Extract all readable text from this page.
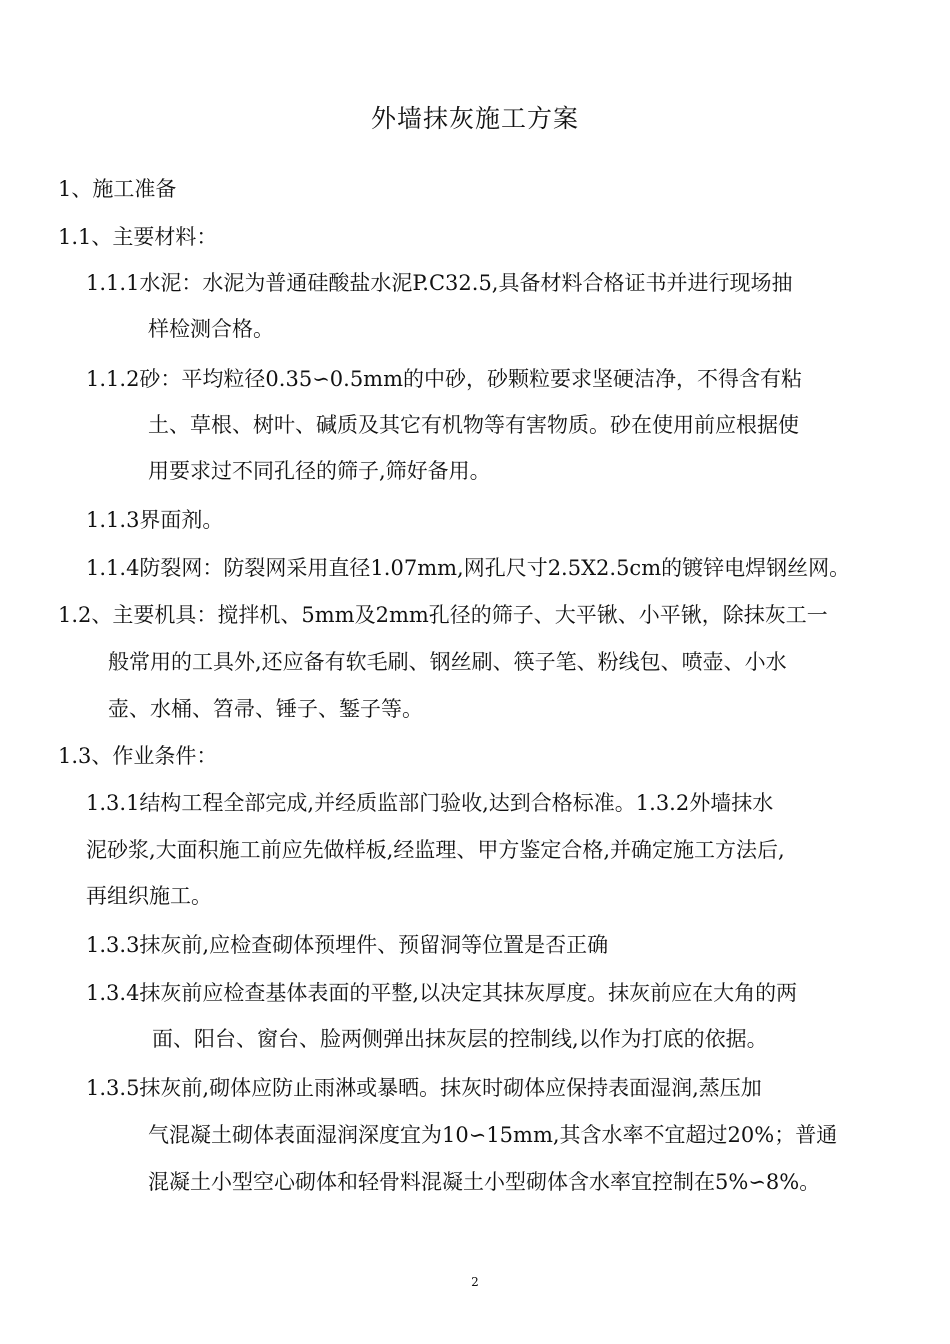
外墙抹灰施工方案
1、施工准备
1.1、主要材料：
1.1.1水泥：水泥为普通硅酸盐水泥P.C32.5,具备材料合格证书并进行现场抽
样检测合格。
1.1.2砂：平均粒径0.35∽0.5mm的中砂，砂颗粒要求坚硬洁净，不得含有粘
土、草根、树叶、碱质及其它有机物等有害物质。砂在使用前应根据使
用要求过不同孔径的筛子,筛好备用。
1.1.3界面剂。
1.1.4防裂网：防裂网采用直径1.07mm,网孔尺寸2.5X2.5cm的镀锌电焊钢丝网。
1.2、主要机具：搅拌机、5mm及2mm孔径的筛子、大平锹、小平锹，除抹灰工一
般常用的工具外,还应备有软毛刷、钢丝刷、筷子笔、粉线包、喷壶、小水
壶、水桶、笤帚、锤子、錾子等。
1.3、作业条件：
1.3.1结构工程全部完成,并经质监部门验收,达到合格标准。1.3.2外墙抹水
泥砂浆,大面积施工前应先做样板,经监理、甲方鉴定合格,并确定施工方法后,
再组织施工。
1.3.3抹灰前,应检查砌体预埋件、预留洞等位置是否正确
1.3.4抹灰前应检查基体表面的平整,以决定其抹灰厚度。抹灰前应在大角的两
面、阳台、窗台、脸两侧弹出抹灰层的控制线,以作为打底的依据。
1.3.5抹灰前,砌体应防止雨淋或暴晒。抹灰时砌体应保持表面湿润,蒸压加
气混凝土砌体表面湿润深度宜为10∽15mm,其含水率不宜超过20%；普通
混凝土小型空心砌体和轻骨料混凝土小型砌体含水率宜控制在5%∽8%。
2
